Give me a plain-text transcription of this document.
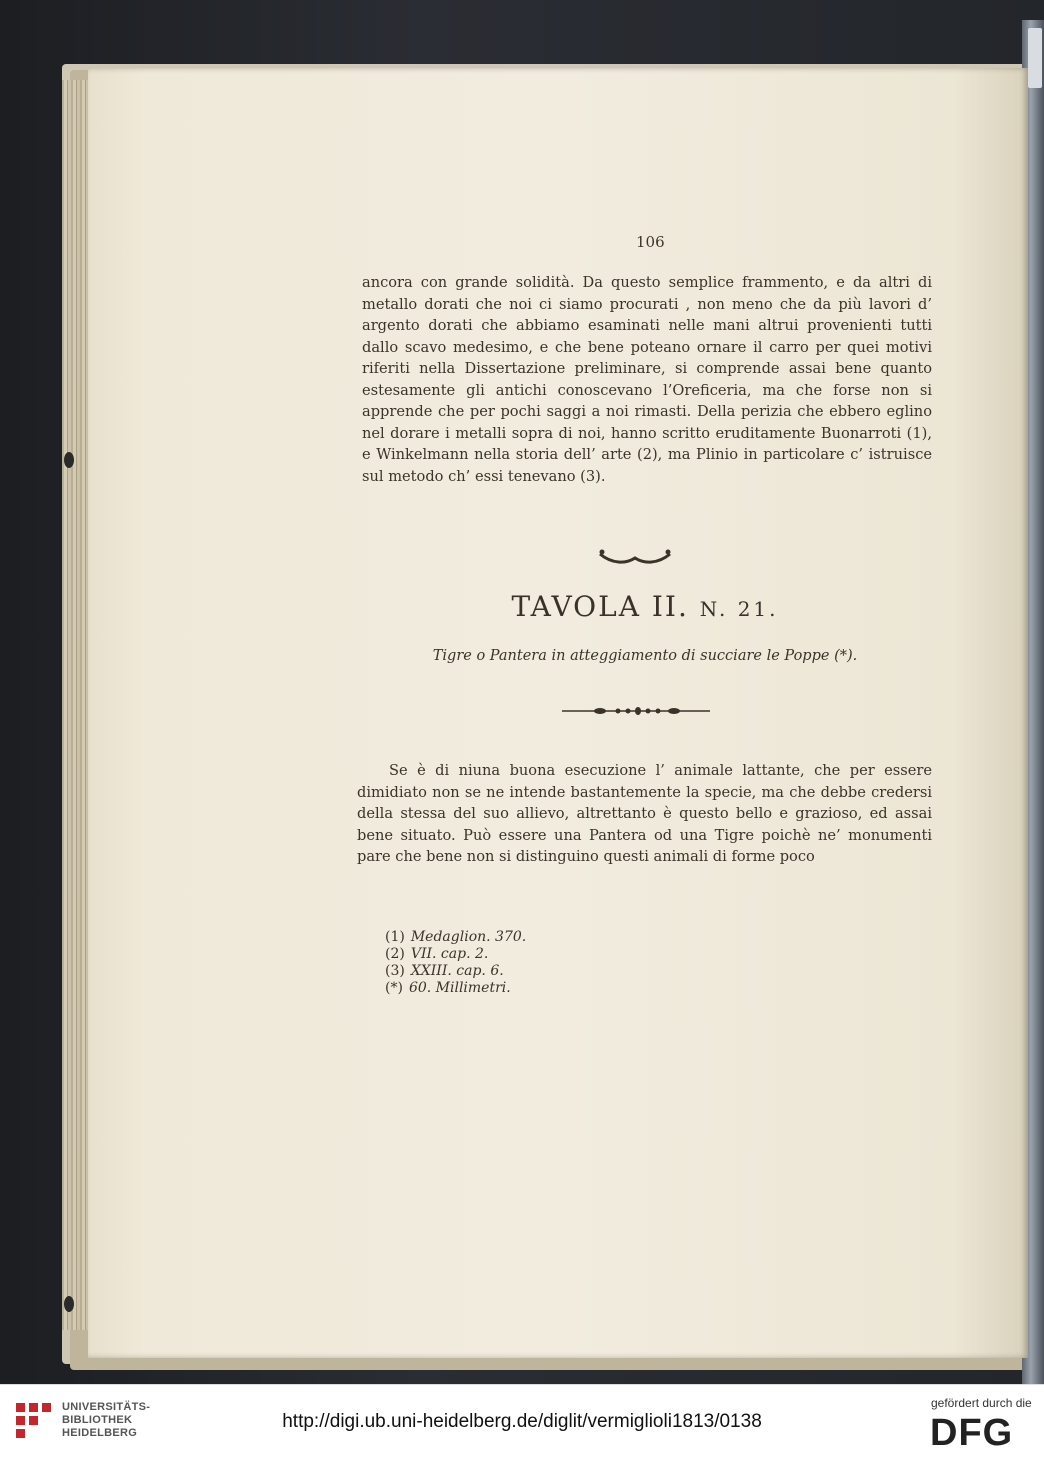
106

ancora con grande solidità. Da questo semplice frammento, e da altri di metallo dorati che noi ci siamo procurati , non meno che da più lavori d’ argento dorati che abbiamo esaminati nelle mani altrui provenienti tutti dallo scavo medesimo, e che bene poteano ornare il carro per quei motivi riferiti nella Dissertazione preliminare, si comprende assai bene quanto estesamente gli antichi conoscevano l’Oreficeria, ma che forse non si apprende che per pochi saggi a noi rimasti. Della perizia che ebbero eglino nel dorare i metalli sopra di noi, hanno scritto eruditamente Buonarroti (1), e Winkelmann nella storia dell’ arte (2), ma Plinio in particolare c’ istruisce sul metodo ch’ essi tenevano (3).

TAVOLA II. N. 21.
Tigre o Pantera in atteggiamento di succiare le Poppe (*).

Se è di niuna buona esecuzione l’ animale lattante, che per essere dimidiato non se ne intende bastantemente la specie, ma che debbe credersi della stessa del suo allievo, altrettanto è questo bello e grazioso, ed assai bene situato. Può essere una Pantera od una Tigre poichè ne’ monumenti pare che bene non si distinguino questi animali di forme poco

(1) Medaglion. 370.
(2) VII. cap. 2.
(3) XXIII. cap. 6.
(*) 60. Millimetri.
UNIVERSITÄTS-
BIBLIOTHEK
HEIDELBERG
http://digi.ub.uni-heidelberg.de/diglit/vermiglioli1813/0138
gefördert durch die
DFG
